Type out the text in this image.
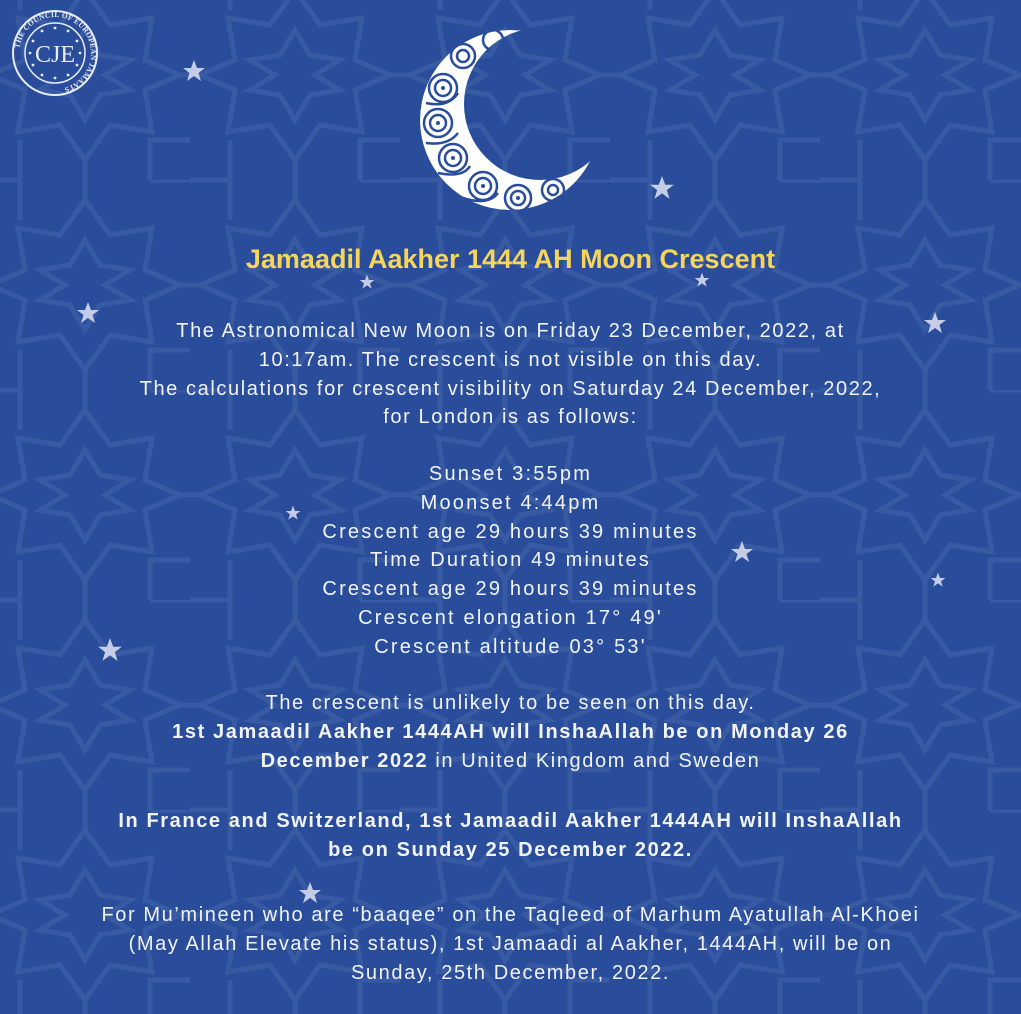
THE COUNCIL OF EUROPEAN JAMAATS
CJE
Jamaadil Aakher 1444 AH Moon Crescent
The Astronomical New Moon is on Friday 23 December, 2022, at
10:17am. The crescent is not visible on this day.
The calculations for crescent visibility on Saturday 24 December, 2022,
for London is as follows:
Sunset 3:55pm
Moonset 4:44pm
Crescent age 29 hours 39 minutes
Time Duration 49 minutes
Crescent age 29 hours 39 minutes
Crescent elongation 17° 49'
Crescent altitude 03° 53'
The crescent is unlikely to be seen on this day.
1st Jamaadil Aakher 1444AH will InshaAllah be on Monday 26
December 2022 in United Kingdom and Sweden
In France and Switzerland, 1st Jamaadil Aakher 1444AH will InshaAllah
be on Sunday 25 December 2022.
For Mu’mineen who are “baaqee” on the Taqleed of Marhum Ayatullah Al-Khoei
(May Allah Elevate his status), 1st Jamaadi al Aakher, 1444AH, will be on
Sunday, 25th December, 2022.
